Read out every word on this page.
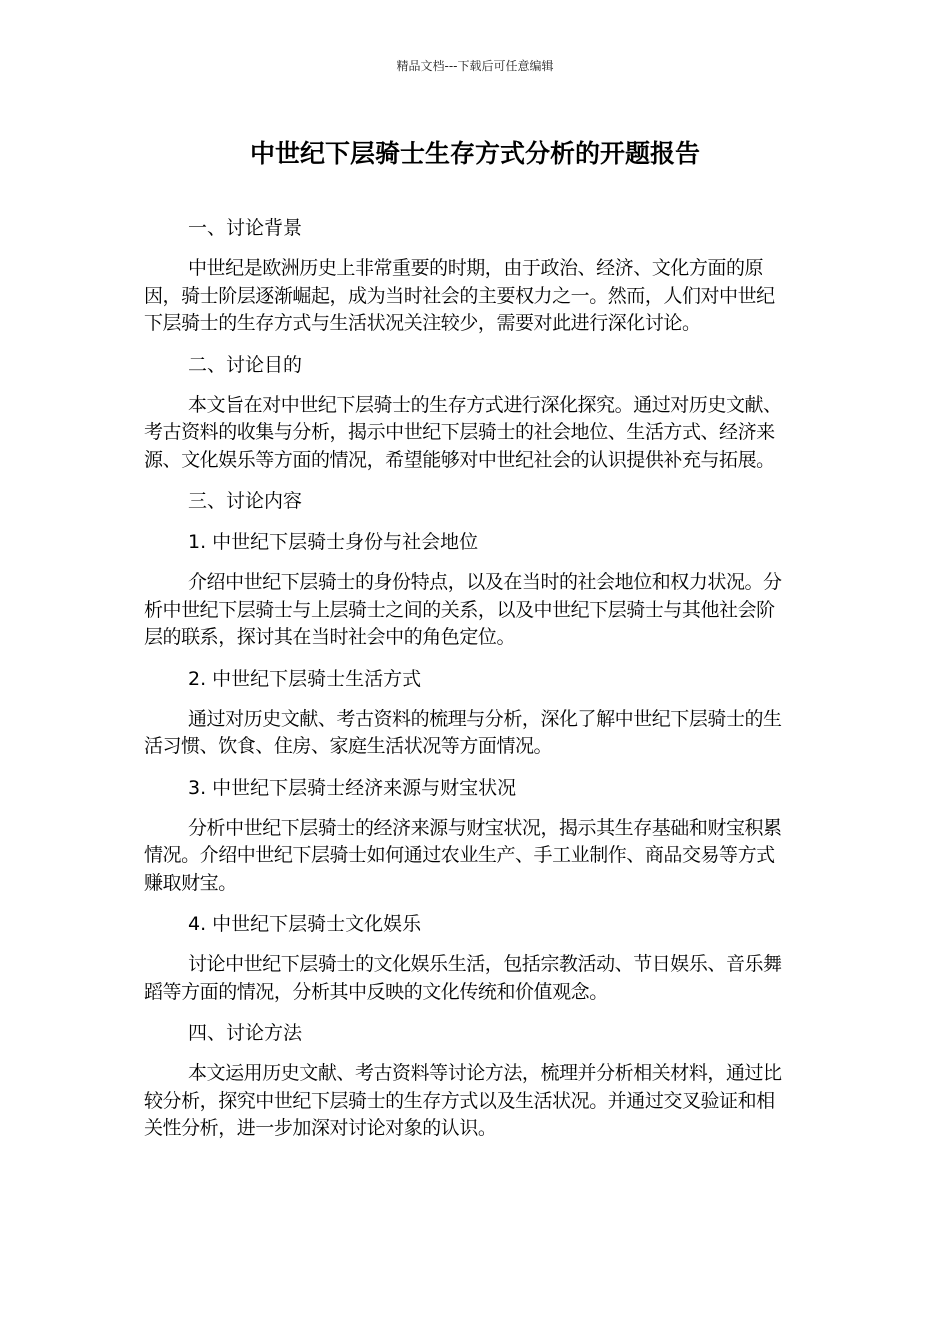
精品文档---下载后可任意编辑
中世纪下层骑士生存方式分析的开题报告

一、讨论背景

中世纪是欧洲历史上非常重要的时期，由于政治、经济、文化方面的原因，骑士阶层逐渐崛起，成为当时社会的主要权力之一。然而，人们对中世纪下层骑士的生存方式与生活状况关注较少，需要对此进行深化讨论。

二、讨论目的

本文旨在对中世纪下层骑士的生存方式进行深化探究。通过对历史文献、考古资料的收集与分析，揭示中世纪下层骑士的社会地位、生活方式、经济来源、文化娱乐等方面的情况，希望能够对中世纪社会的认识提供补充与拓展。

三、讨论内容

1. 中世纪下层骑士身份与社会地位

介绍中世纪下层骑士的身份特点，以及在当时的社会地位和权力状况。分析中世纪下层骑士与上层骑士之间的关系，以及中世纪下层骑士与其他社会阶层的联系，探讨其在当时社会中的角色定位。

2. 中世纪下层骑士生活方式

通过对历史文献、考古资料的梳理与分析，深化了解中世纪下层骑士的生活习惯、饮食、住房、家庭生活状况等方面情况。

3. 中世纪下层骑士经济来源与财宝状况

分析中世纪下层骑士的经济来源与财宝状况，揭示其生存基础和财宝积累情况。介绍中世纪下层骑士如何通过农业生产、手工业制作、商品交易等方式赚取财宝。

4. 中世纪下层骑士文化娱乐

讨论中世纪下层骑士的文化娱乐生活，包括宗教活动、节日娱乐、音乐舞蹈等方面的情况，分析其中反映的文化传统和价值观念。

四、讨论方法

本文运用历史文献、考古资料等讨论方法，梳理并分析相关材料，通过比较分析，探究中世纪下层骑士的生存方式以及生活状况。并通过交叉验证和相关性分析，进一步加深对讨论对象的认识。
